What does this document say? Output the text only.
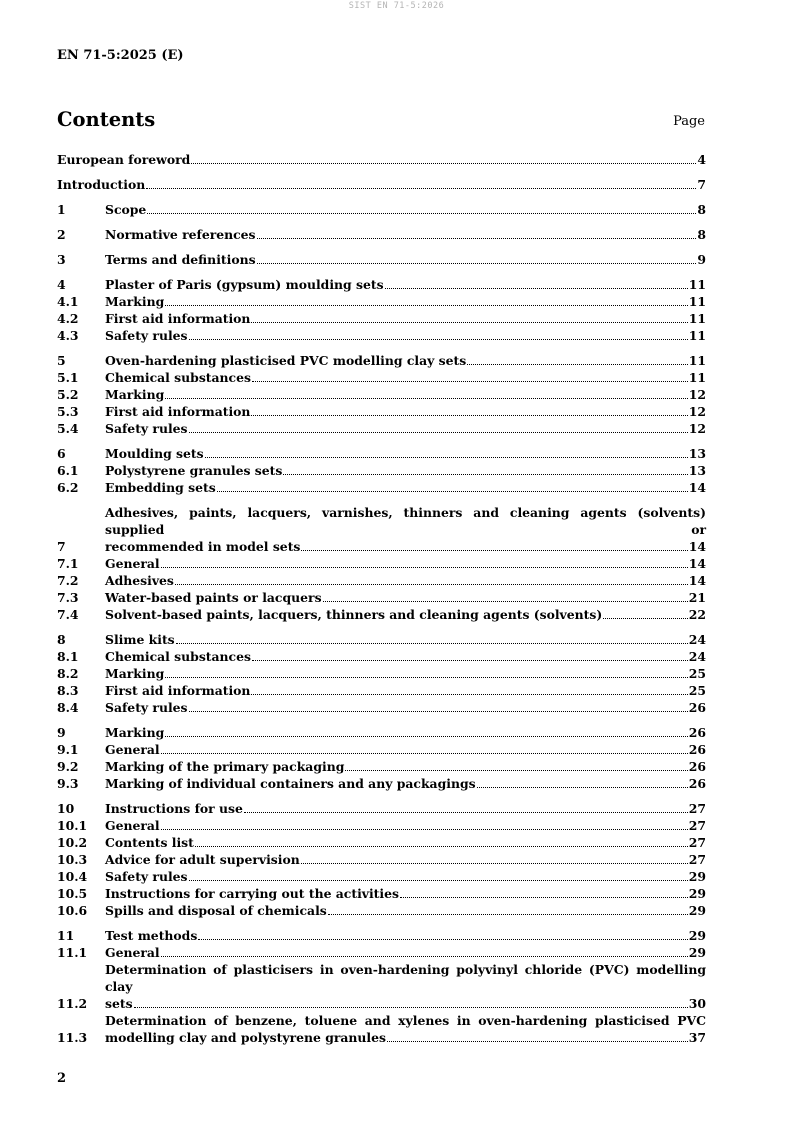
SIST EN 71-5:2026
EN 71-5:2025 (E)
Contents	Page
European foreword	4
Introduction	7
1	Scope	8
2	Normative references	8
3	Terms and definitions	9
4	Plaster of Paris (gypsum) moulding sets	11
4.1	Marking	11
4.2	First aid information	11
4.3	Safety rules	11
5	Oven-hardening plasticised PVC modelling clay sets	11
5.1	Chemical substances	11
5.2	Marking	12
5.3	First aid information	12
5.4	Safety rules	12
6	Moulding sets	13
6.1	Polystyrene granules sets	13
6.2	Embedding sets	14
7
Adhesives, paints, lacquers, varnishes, thinners and cleaning agents (solvents) supplied or
recommended in model sets	14
7.1	General	14
7.2	Adhesives	14
7.3	Water-based paints or lacquers	21
7.4	Solvent-based paints, lacquers, thinners and cleaning agents (solvents)	22
8	Slime kits	24
8.1	Chemical substances	24
8.2	Marking	25
8.3	First aid information	25
8.4	Safety rules	26
9	Marking	26
9.1	General	26
9.2	Marking of the primary packaging	26
9.3	Marking of individual containers and any packagings	26
10	Instructions for use	27
10.1	General	27
10.2	Contents list	27
10.3	Advice for adult supervision	27
10.4	Safety rules	29
10.5	Instructions for carrying out the activities	29
10.6	Spills and disposal of chemicals	29
11	Test methods	29
11.1	General	29
11.2
Determination of plasticisers in oven-hardening polyvinyl chloride (PVC) modelling clay
sets	30
11.3
Determination of benzene, toluene and xylenes in oven-hardening plasticised PVC
modelling clay and polystyrene granules	37
2
